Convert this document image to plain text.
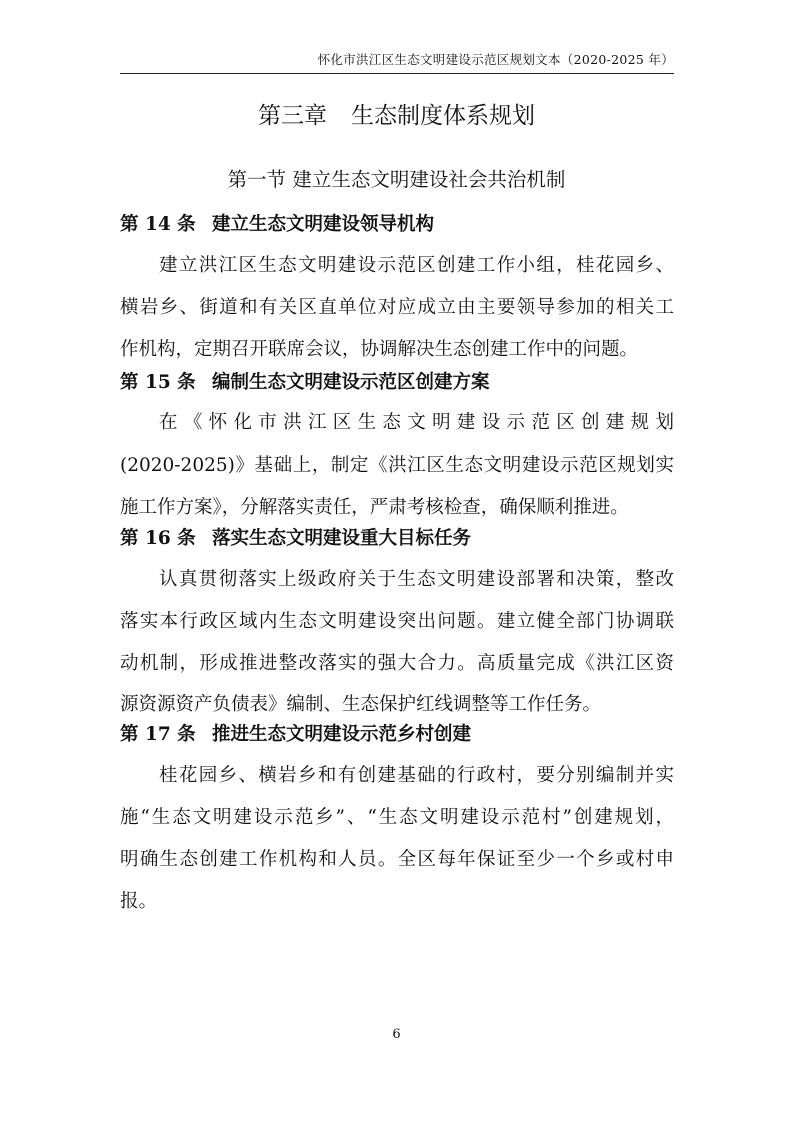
怀化市洪江区生态文明建设示范区规划文本（2020-2025 年）
第三章 生态制度体系规划
第一节 建立生态文明建设社会共治机制
第 14 条 建立生态文明建设领导机构
建立洪江区生态文明建设示范区创建工作小组，桂花园乡、
横岩乡、街道和有关区直单位对应成立由主要领导参加的相关工
作机构，定期召开联席会议，协调解决生态创建工作中的问题。
第 15 条 编制生态文明建设示范区创建方案
在《怀化市洪江区生态文明建设示范区创建规划
(2020-2025)》基础上，制定《洪江区生态文明建设示范区规划实
施工作方案》，分解落实责任，严肃考核检查，确保顺利推进。
第 16 条 落实生态文明建设重大目标任务
认真贯彻落实上级政府关于生态文明建设部署和决策，整改
落实本行政区域内生态文明建设突出问题。建立健全部门协调联
动机制，形成推进整改落实的强大合力。高质量完成《洪江区资
源资源资产负债表》编制、生态保护红线调整等工作任务。
第 17 条 推进生态文明建设示范乡村创建
桂花园乡、横岩乡和有创建基础的行政村，要分别编制并实
施“生态文明建设示范乡”、“生态文明建设示范村”创建规划，
明确生态创建工作机构和人员。全区每年保证至少一个乡或村申
报。
6
